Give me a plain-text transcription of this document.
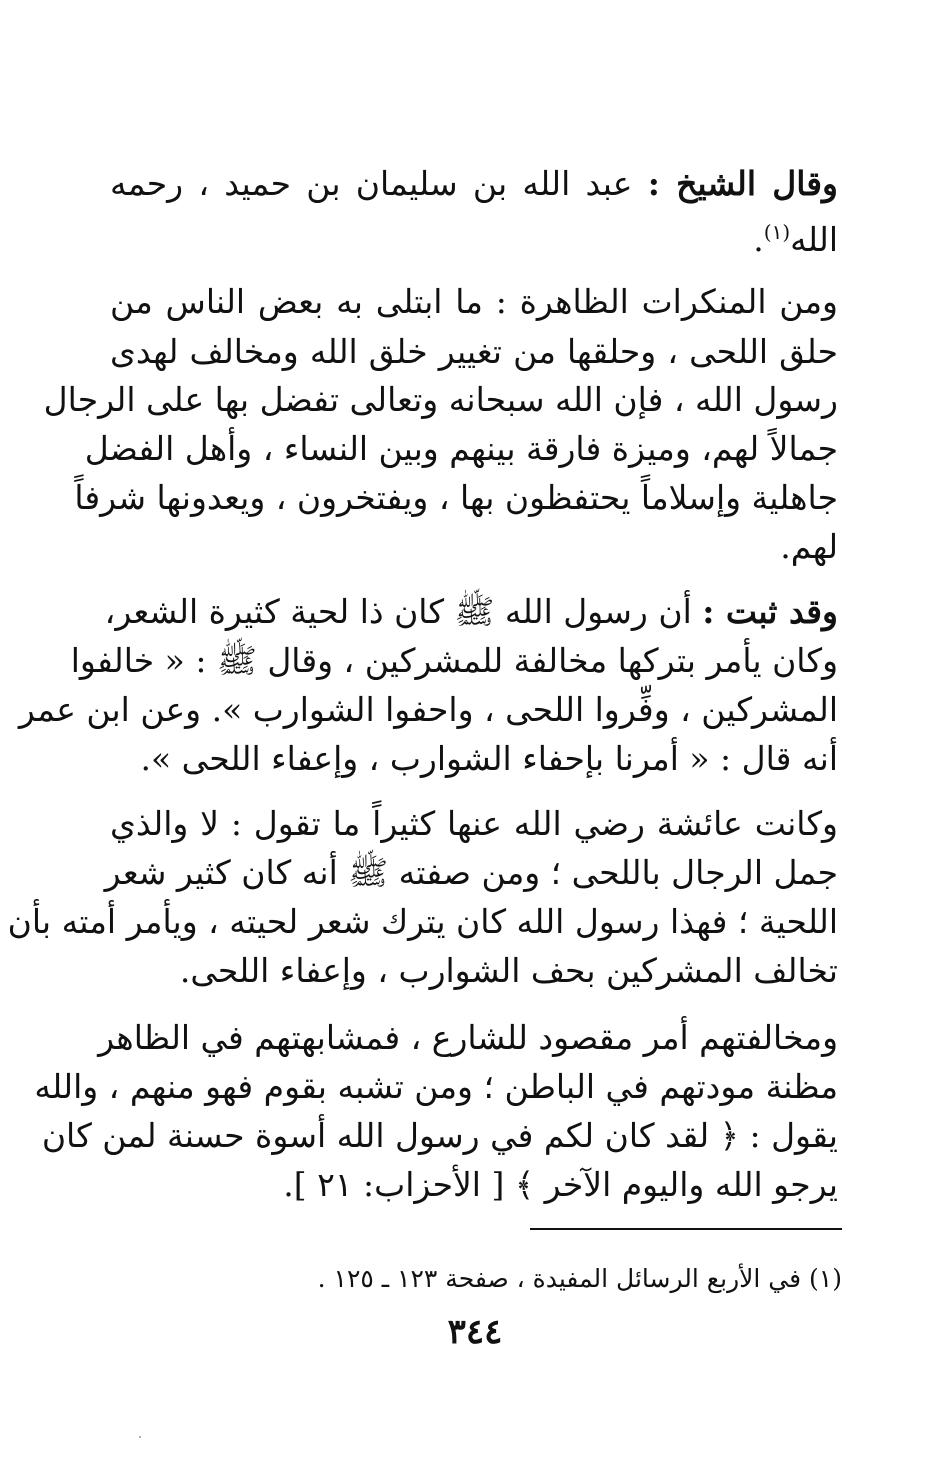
وقال الشيخ : عبد الله بن سليمان بن حميد ، رحمه
الله$^{(١)}$.
ومن المنكرات الظاهرة : ما ابتلى به بعض الناس من
حلق اللحى ، وحلقها من تغيير خلق الله ومخالف لهدى
رسول الله ، فإن الله سبحانه وتعالى تفضل بها على الرجال
جمالاً لهم، وميزة فارقة بينهم وبين النساء ، وأهل الفضل
جاهلية وإسلاماً يحتفظون بها ، ويفتخرون ، ويعدونها شرفاً
لهم.
وقد ثبت : أن رسول الله ﷺ كان ذا لحية كثيرة الشعر،
وكان يأمر بتركها مخالفة للمشركين ، وقال ﷺ : « خالفوا
المشركين ، وفِّروا اللحى ، واحفوا الشوارب ». وعن ابن عمر
أنه قال : « أمرنا بإحفاء الشوارب ، وإعفاء اللحى ».
وكانت عائشة رضي الله عنها كثيراً ما تقول : لا والذي
جمل الرجال باللحى ؛ ومن صفته ﷺ أنه كان كثير شعر
اللحية ؛ فهذا رسول الله كان يترك شعر لحيته ، ويأمر أمته بأن
تخالف المشركين بحف الشوارب ، وإعفاء اللحى.
ومخالفتهم أمر مقصود للشارع ، فمشابهتهم في الظاهر
مظنة مودتهم في الباطن ؛ ومن تشبه بقوم فهو منهم ، والله
يقول : ﴿ لقد كان لكم في رسول الله أسوة حسنة لمن كان
يرجو الله واليوم الآخر ﴾ [ الأحزاب: ٢١ ].
(١) في الأربع الرسائل المفيدة ، صفحة ١٢٣ ـ ١٢٥ .
٣٤٤
